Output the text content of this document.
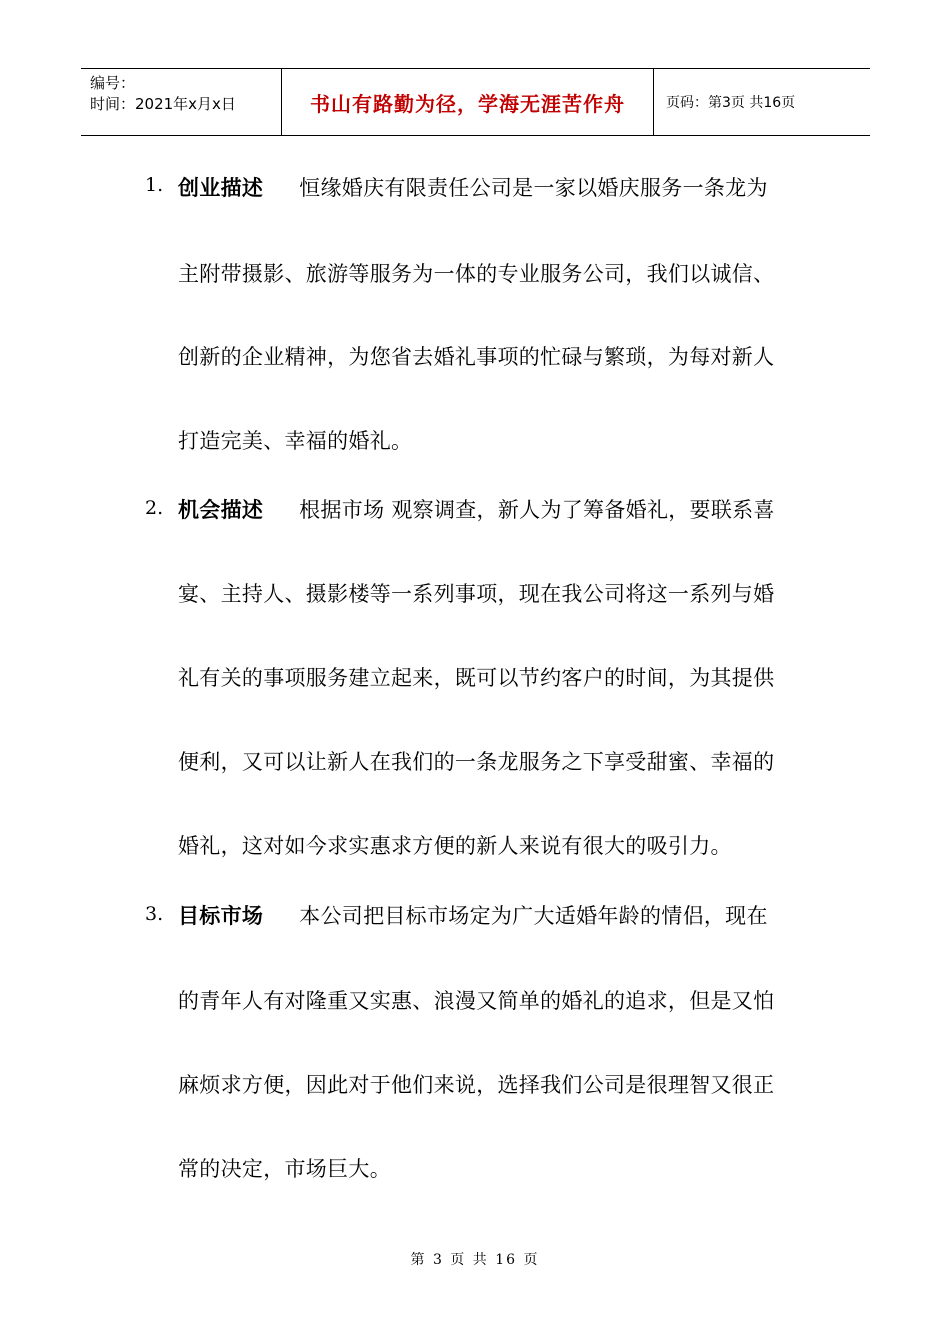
编号：
时间：2021年x月x日	书山有路勤为径，学海无涯苦作舟	页码：第3页 共16页
1. 创业描述 恒缘婚庆有限责任公司是一家以婚庆服务一条龙为
主附带摄影、旅游等服务为一体的专业服务公司，我们以诚信、
创新的企业精神，为您省去婚礼事项的忙碌与繁琐，为每对新人
打造完美、幸福的婚礼。
2. 机会描述 根据市场 观察调查，新人为了筹备婚礼，要联系喜
宴、主持人、摄影楼等一系列事项，现在我公司将这一系列与婚
礼有关的事项服务建立起来，既可以节约客户的时间，为其提供
便利，又可以让新人在我们的一条龙服务之下享受甜蜜、幸福的
婚礼，这对如今求实惠求方便的新人来说有很大的吸引力。
3. 目标市场 本公司把目标市场定为广大适婚年龄的情侣，现在
的青年人有对隆重又实惠、浪漫又简单的婚礼的追求，但是又怕
麻烦求方便，因此对于他们来说，选择我们公司是很理智又很正
常的决定，市场巨大。
第 3 页 共 16 页
